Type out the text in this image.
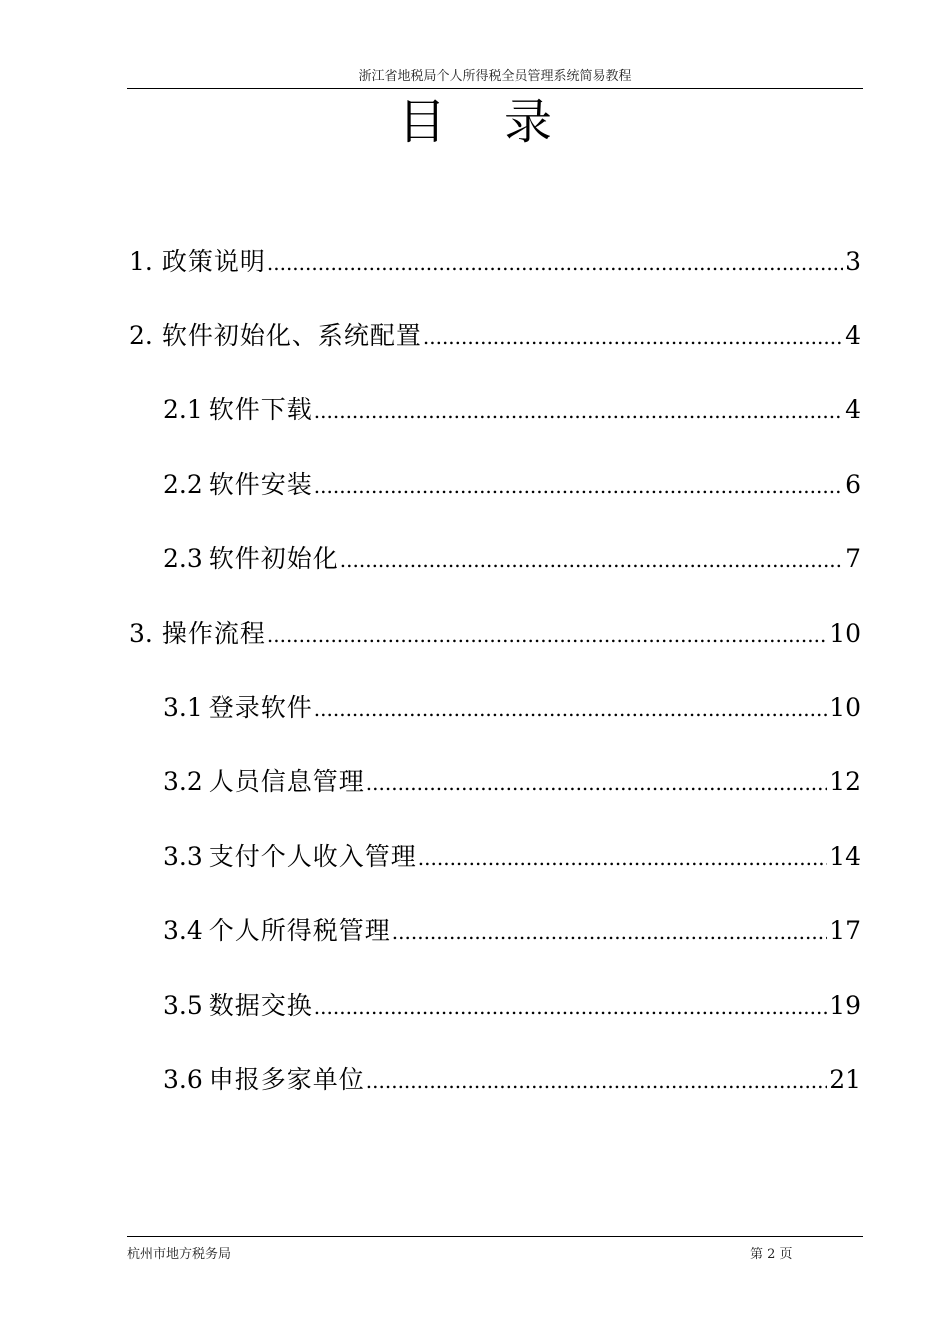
浙江省地税局个人所得税全员管理系统简易教程
目录
1. 政策说明 .....	3
2. 软件初始化、系统配置 .....	4
2.1 软件下载 .....	4
2.2 软件安装 .....	6
2.3 软件初始化 .....	7
3. 操作流程 .....	10
3.1 登录软件 .....	10
3.2 人员信息管理 .....	12
3.3 支付个人收入管理 .....	14
3.4 个人所得税管理 .....	17
3.5 数据交换 .....	19
3.6 申报多家单位 .....	21
杭州市地方税务局	第 2 页
